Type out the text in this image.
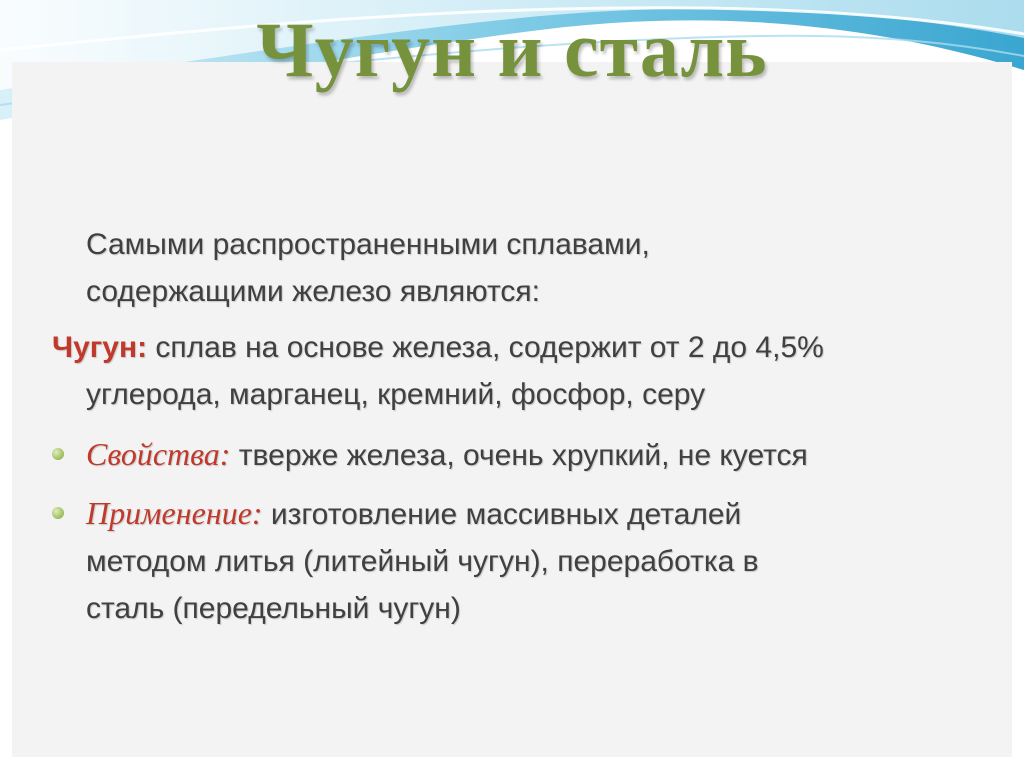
Чугун и сталь
Самыми распространенными сплавами,
содержащими железо являются:
Чугун: сплав на основе железа, содержит от 2 до 4,5%
углерода, марганец, кремний, фосфор, серу
Свойства: тверже железа, очень хрупкий, не куется
Применение: изготовление массивных деталей
методом литья (литейный чугун), переработка в
сталь (передельный чугун)
